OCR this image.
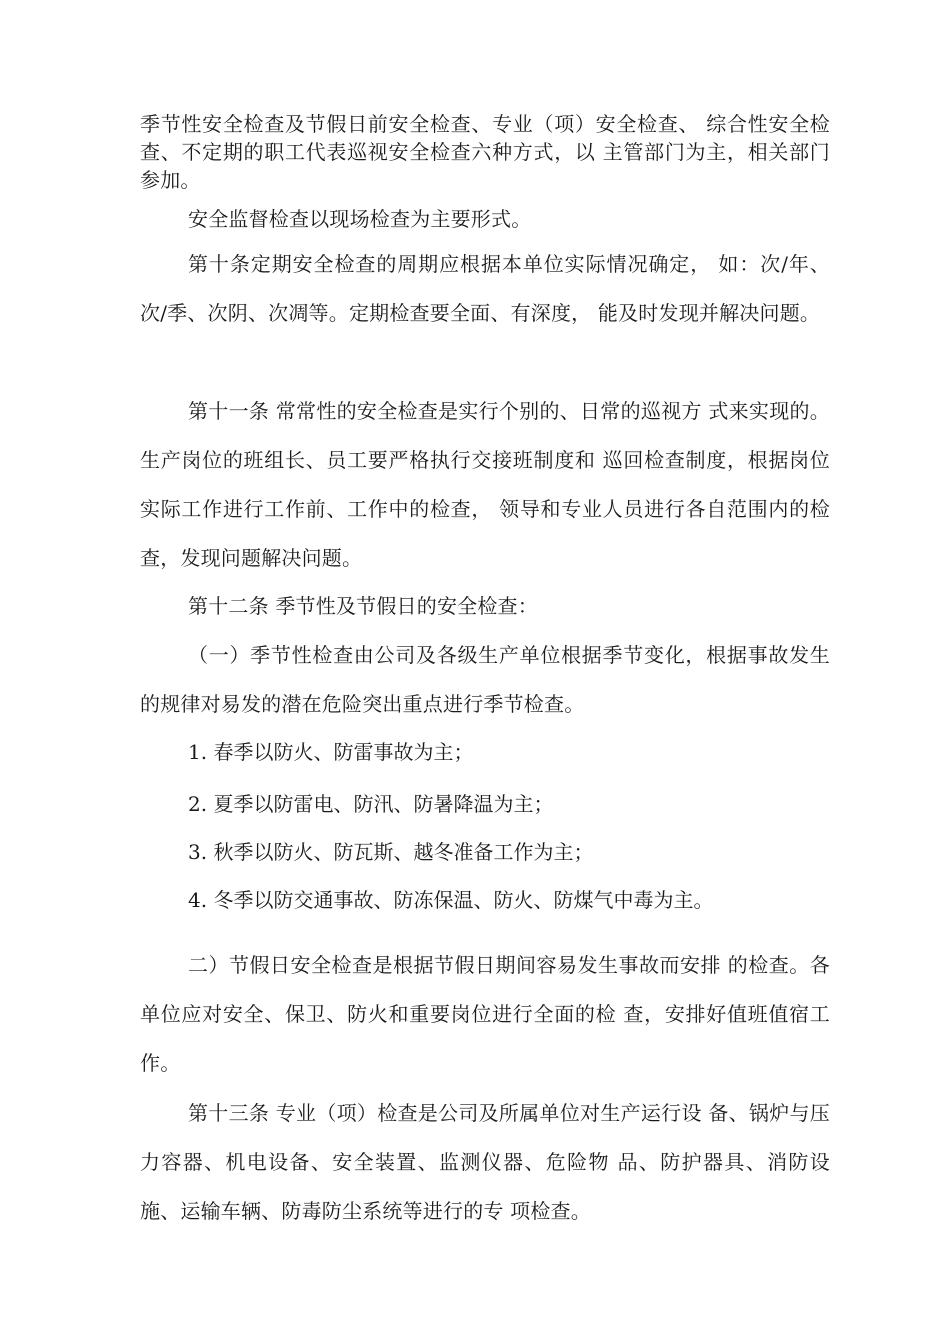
季节性安全检查及节假日前安全检查、专业（项）安全检查、 综合性安全检查、不定期的职工代表巡视安全检查六种方式，以 主管部门为主，相关部门参加。

安全监督检查以现场检查为主要形式。

第十条定期安全检查的周期应根据本单位实际情况确定， 如：次/年、次/季、次阴、次凋等。定期检查要全面、有深度， 能及时发现并解决问题。

第十一条 常常性的安全检查是实行个别的、日常的巡视方 式来实现的。生产岗位的班组长、员工要严格执行交接班制度和 巡回检查制度，根据岗位实际工作进行工作前、工作中的检查， 领导和专业人员进行各自范围内的检查，发现问题解决问题。

第十二条 季节性及节假日的安全检查：

（一）季节性检查由公司及各级生产单位根据季节变化，根据事故发生的规律对易发的潜在危险突出重点进行季节检查。

1. 春季以防火、防雷事故为主；

2. 夏季以防雷电、防汛、防暑降温为主；

3. 秋季以防火、防瓦斯、越冬准备工作为主；

4. 冬季以防交通事故、防冻保温、防火、防煤气中毒为主。

二）节假日安全检查是根据节假日期间容易发生事故而安排 的检查。各单位应对安全、保卫、防火和重要岗位进行全面的检 查，安排好值班值宿工作。

第十三条 专业（项）检查是公司及所属单位对生产运行设 备、锅炉与压力容器、机电设备、安全装置、监测仪器、危险物 品、防护器具、消防设施、运输车辆、防毒防尘系统等进行的专 项检查。
